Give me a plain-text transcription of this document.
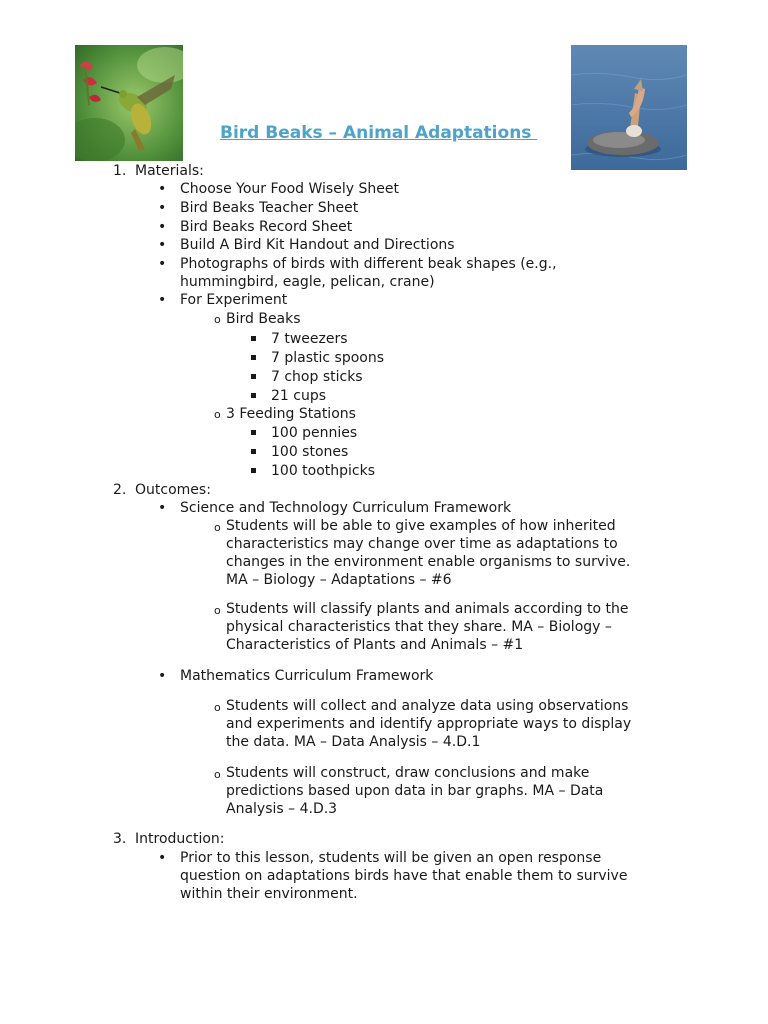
Bird Beaks – Animal Adaptations
1. Materials:
• Choose Your Food Wisely Sheet
• Bird Beaks Teacher Sheet
• Bird Beaks Record Sheet
• Build A Bird Kit Handout and Directions
• Photographs of birds with different beak shapes (e.g.,
hummingbird, eagle, pelican, crane)
• For Experiment
o Bird Beaks
7 tweezers
7 plastic spoons
7 chop sticks
21 cups
o 3 Feeding Stations
100 pennies
100 stones
100 toothpicks
2. Outcomes:
• Science and Technology Curriculum Framework
o Students will be able to give examples of how inherited
characteristics may change over time as adaptations to
changes in the environment enable organisms to survive.
MA – Biology – Adaptations – #6
o Students will classify plants and animals according to the
physical characteristics that they share. MA – Biology –
Characteristics of Plants and Animals – #1
• Mathematics Curriculum Framework
o Students will collect and analyze data using observations
and experiments and identify appropriate ways to display
the data. MA – Data Analysis – 4.D.1
o Students will construct, draw conclusions and make
predictions based upon data in bar graphs. MA – Data
Analysis – 4.D.3
3. Introduction:
• Prior to this lesson, students will be given an open response
question on adaptations birds have that enable them to survive
within their environment.
